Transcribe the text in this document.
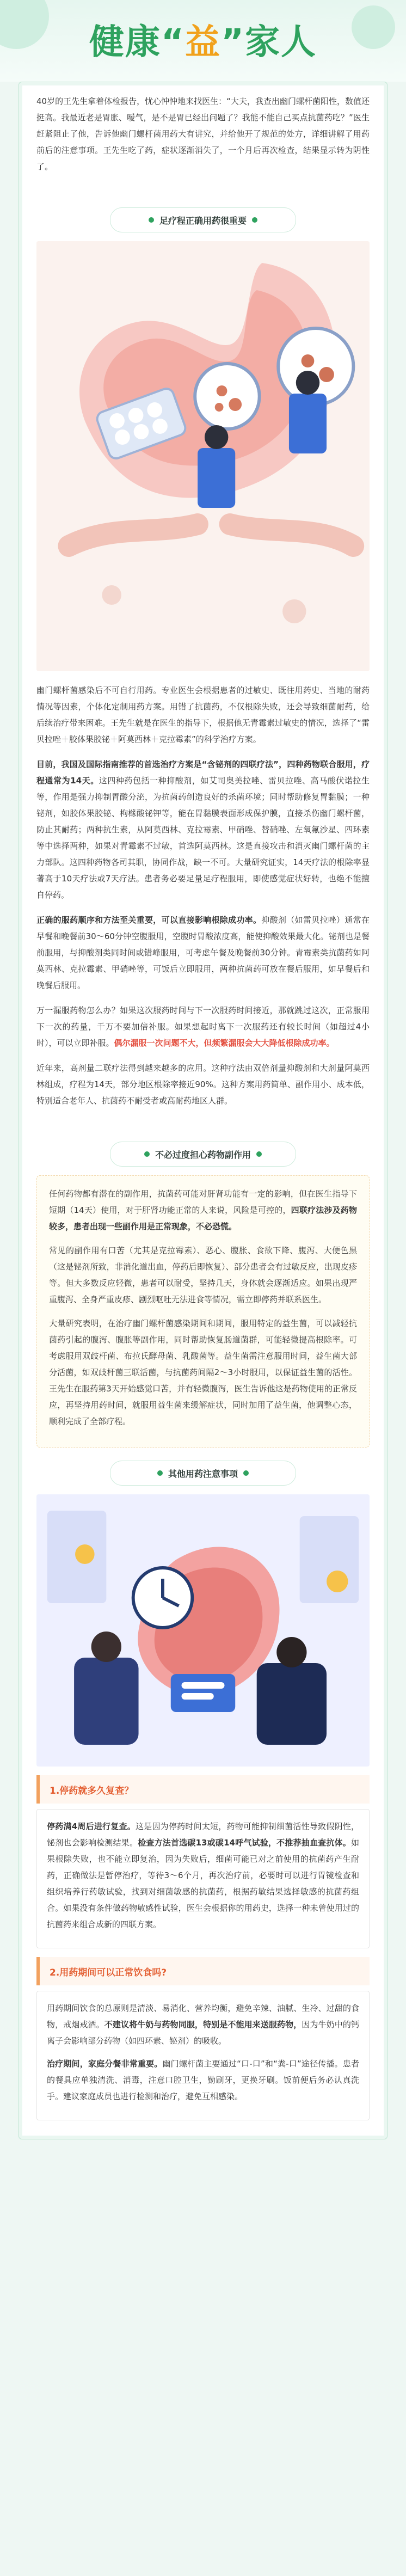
健康“益”家人

40岁的王先生拿着体检报告，忧心忡忡地来找医生：“大夫，我查出幽门螺杆菌阳性，数值还挺高。我最近老是胃胀、嗳气，是不是胃已经出问题了？我能不能自己买点抗菌药吃？”医生赶紧阻止了他，告诉他幽门螺杆菌用药大有讲究，并给他开了规范的处方，详细讲解了用药前后的注意事项。王先生吃了药，症状逐渐消失了，一个月后再次检查，结果显示转为阴性了。

足疗程正确用药很重要

幽门螺杆菌感染后不可自行用药。专业医生会根据患者的过敏史、既往用药史、当地的耐药情况等因素，个体化定制用药方案。用错了抗菌药，不仅根除失败，还会导致细菌耐药，给后续治疗带来困难。王先生就是在医生的指导下，根据他无青霉素过敏史的情况，选择了“雷贝拉唑＋胶体果胶铋＋阿莫西林＋克拉霉素”的科学治疗方案。

目前，我国及国际指南推荐的首选治疗方案是“含铋剂的四联疗法”，四种药物联合服用，疗程通常为14天。这四种药包括一种抑酸剂，如艾司奥美拉唑、雷贝拉唑、高马酸伏诺拉生等，作用是强力抑制胃酸分泌，为抗菌药创造良好的杀菌环境；同时帮助修复胃黏膜；一种铋剂，如胶体果胶铋、枸橼酸铋钾等，能在胃黏膜表面形成保护膜，直接杀伤幽门螺杆菌，防止其耐药；两种抗生素，从阿莫西林、克拉霉素、甲硝唑、替硝唑、左氧氟沙星、四环素等中选择两种，如果对青霉素不过敏，首选阿莫西林。这是直接攻击和消灭幽门螺杆菌的主力部队。这四种药物各司其职，协同作战，缺一不可。大量研究证实，14天疗法的根除率显著高于10天疗法或7天疗法。患者务必要足量足疗程服用，即使感觉症状好转，也绝不能擅自停药。

正确的服药顺序和方法至关重要，可以直接影响根除成功率。抑酸剂（如雷贝拉唑）通常在早餐和晚餐前30～60分钟空腹服用，空腹时胃酸浓度高，能使抑酸效果最大化。铋剂也是餐前服用，与抑酸剂类同时间或错峰服用，可考虑午餐及晚餐前30分钟。青霉素类抗菌药如阿莫西林、克拉霉素、甲硝唑等，可饭后立即服用，两种抗菌药可放在餐后服用，如早餐后和晚餐后服用。

万一漏服药物怎么办？如果这次服药时间与下一次服药时间接近，那就跳过这次，正常服用下一次的药量，千万不要加倍补服。如果想起时离下一次服药还有较长时间（如超过4小时），可以立即补服。偶尔漏服一次问题不大，但频繁漏服会大大降低根除成功率。

近年来，高剂量二联疗法得到越来越多的应用。这种疗法由双倍剂量抑酸剂和大剂量阿莫西林组成，疗程为14天，部分地区根除率接近90%。这种方案用药简单、副作用小、成本低，特别适合老年人、抗菌药不耐受者或高耐药地区人群。

不必过度担心药物副作用

任何药物都有潜在的副作用，抗菌药可能对肝肾功能有一定的影响，但在医生指导下短期（14天）使用，对于肝肾功能正常的人来说，风险是可控的，四联疗法涉及药物较多，患者出现一些副作用是正常现象，不必恐慌。

常见的副作用有口苦（尤其是克拉霉素）、恶心、腹胀、食欲下降、腹泻、大便色黑（这是铋剂所致，非消化道出血，停药后即恢复）、部分患者会有过敏反应，出现皮疹等。但大多数反应轻微，患者可以耐受，坚持几天，身体就会逐渐适应。如果出现严重腹泻、全身严重皮疹、剧烈呕吐无法进食等情况，需立即停药并联系医生。

大量研究表明，在治疗幽门螺杆菌感染期间和期间，服用特定的益生菌，可以减轻抗菌药引起的腹泻、腹胀等副作用，同时帮助恢复肠道菌群，可能轻微提高根除率。可考虑服用双歧杆菌、布拉氏酵母菌、乳酸菌等。益生菌需注意服用时间，益生菌大部分活菌，如双歧杆菌三联活菌，与抗菌药间隔2～3小时服用，以保证益生菌的活性。王先生在服药第3天开始感觉口苦，并有轻微腹泻，医生告诉他这是药物使用的正常反应，再坚持用药时间，就服用益生菌来缓解症状，同时加用了益生菌，他调整心态，顺利完成了全部疗程。

其他用药注意事项
1.停药就多久复查？

停药满4周后进行复查。这是因为停药时间太短，药物可能抑制细菌活性导致假阴性，铋剂也会影响检测结果。检查方法首选碳13或碳14呼气试验，不推荐抽血查抗体。如果根除失败，也不能立即复治，因为失败后，细菌可能已对之前使用的抗菌药产生耐药，正确做法是暂停治疗，等待3～6个月，再次治疗前，必要时可以进行胃镜检查和组织培养行药敏试验，找到对细菌敏感的抗菌药，根据药敏结果选择敏感的抗菌药组合。如果没有条件做药物敏感性试验，医生会根据你的用药史，选择一种未曾使用过的抗菌药来组合成新的四联方案。

2.用药期间可以正常饮食吗?

用药期间饮食的总原则是清淡、易消化、营养均衡，避免辛辣、油腻、生冷、过甜的食物，戒烟戒酒。不建议将牛奶与药物同服，特别是不能用来送服药物，因为牛奶中的钙离子会影响部分药物（如四环素、铋剂）的吸收。

治疗期间，家庭分餐非常重要。幽门螺杆菌主要通过“口-口”和“粪-口”途径传播。患者的餐具应单独清洗、消毒，注意口腔卫生，勤刷牙，更换牙刷。饭前便后务必认真洗手。建议家庭成员也进行检测和治疗，避免互相感染。
